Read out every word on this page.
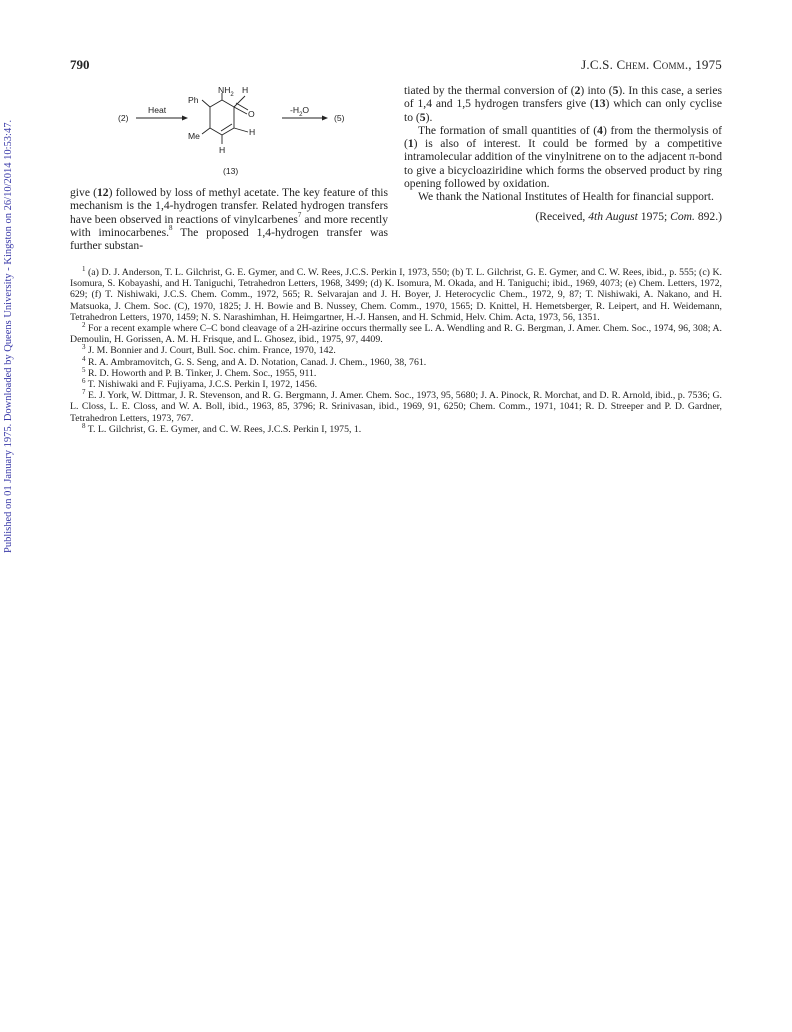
Published on 01 January 1975. Downloaded by Queens University - Kingston on 26/10/2014 10:53:47.
790	J.C.S. Chem. Comm., 1975
(2)
Heat
Ph
Me
$NH_2$ H
O
H
H
$-H_2O$
(5)
(13)

give (12) followed by loss of methyl acetate. The key feature of this mechanism is the 1,4-hydrogen transfer. Related hydrogen transfers have been observed in reactions of vinylcarbenes$^7$ and more recently with iminocarbenes.$^8$ The proposed 1,4-hydrogen transfer was further substan-

tiated by the thermal conversion of (2) into (5). In this case, a series of 1,4 and 1,5 hydrogen transfers give (13) which can only cyclise to (5).

The formation of small quantities of (4) from the thermolysis of (1) is also of interest. It could be formed by a competitive intramolecular addition of the vinylnitrene on to the adjacent π-bond to give a bicycloaziridine which forms the observed product by ring opening followed by oxidation.

We thank the National Institutes of Health for financial support.

(Received, 4th August 1975; Com. 892.)

$^1$ (a) D. J. Anderson, T. L. Gilchrist, G. E. Gymer, and C. W. Rees, J.C.S. Perkin I, 1973, 550; (b) T. L. Gilchrist, G. E. Gymer, and C. W. Rees, ibid., p. 555; (c) K. Isomura, S. Kobayashi, and H. Taniguchi, Tetrahedron Letters, 1968, 3499; (d) K. Isomura, M. Okada, and H. Taniguchi; ibid., 1969, 4073; (e) Chem. Letters, 1972, 629; (f) T. Nishiwaki, J.C.S. Chem. Comm., 1972, 565; R. Selvarajan and J. H. Boyer, J. Heterocyclic Chem., 1972, 9, 87; T. Nishiwaki, A. Nakano, and H. Matsuoka, J. Chem. Soc. (C), 1970, 1825; J. H. Bowie and B. Nussey, Chem. Comm., 1970, 1565; D. Knittel, H. Hemetsberger, R. Leipert, and H. Weidemann, Tetrahedron Letters, 1970, 1459; N. S. Narashimhan, H. Heimgartner, H.-J. Hansen, and H. Schmid, Helv. Chim. Acta, 1973, 56, 1351.

$^2$ For a recent example where C–C bond cleavage of a 2H-azirine occurs thermally see L. A. Wendling and R. G. Bergman, J. Amer. Chem. Soc., 1974, 96, 308; A. Demoulin, H. Gorissen, A. M. H. Frisque, and L. Ghosez, ibid., 1975, 97, 4409.

$^3$ J. M. Bonnier and J. Court, Bull. Soc. chim. France, 1970, 142.

$^4$ R. A. Ambramovitch, G. S. Seng, and A. D. Notation, Canad. J. Chem., 1960, 38, 761.

$^5$ R. D. Howorth and P. B. Tinker, J. Chem. Soc., 1955, 911.

$^6$ T. Nishiwaki and F. Fujiyama, J.C.S. Perkin I, 1972, 1456.

$^7$ E. J. York, W. Dittmar, J. R. Stevenson, and R. G. Bergmann, J. Amer. Chem. Soc., 1973, 95, 5680; J. A. Pinock, R. Morchat, and D. R. Arnold, ibid., p. 7536; G. L. Closs, L. E. Closs, and W. A. Boll, ibid., 1963, 85, 3796; R. Srinivasan, ibid., 1969, 91, 6250; Chem. Comm., 1971, 1041; R. D. Streeper and P. D. Gardner, Tetrahedron Letters, 1973, 767.

$^8$ T. L. Gilchrist, G. E. Gymer, and C. W. Rees, J.C.S. Perkin I, 1975, 1.
